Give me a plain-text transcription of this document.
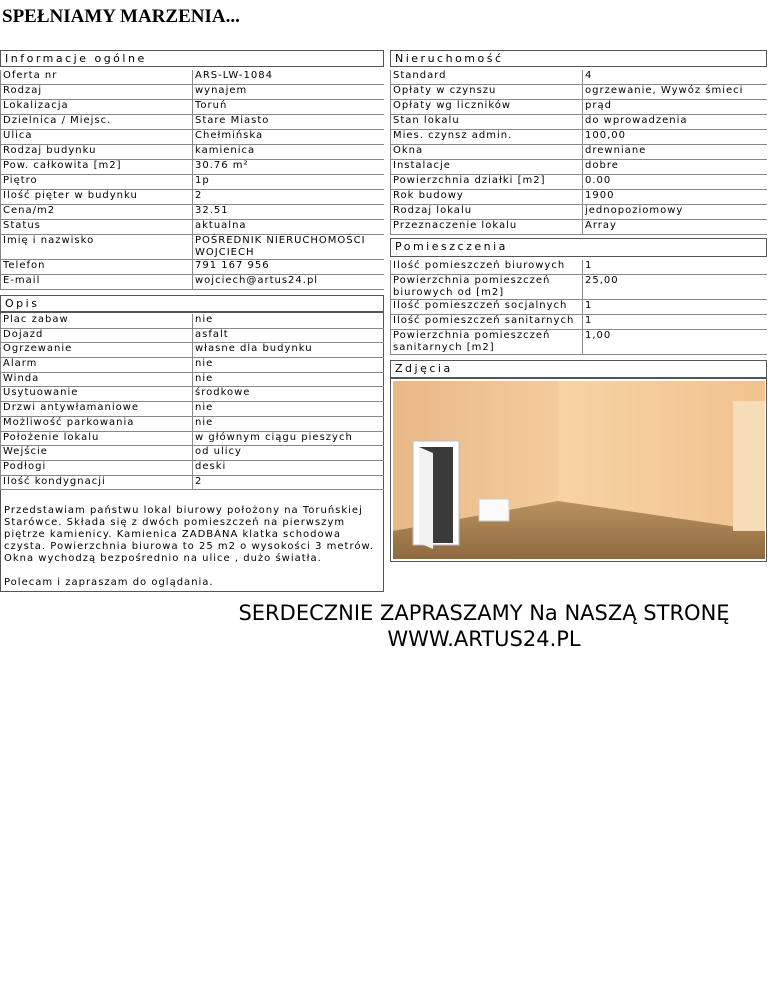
SPEŁNIAMY MARZENIA...
Informacje ogólne
Oferta nr	ARS-LW-1084
Rodzaj	wynajem
Lokalizacja	Toruń
Dzielnica / Miejsc.	Stare Miasto
Ulica	Chełmińska
Rodzaj budynku	kamienica
Pow. całkowita [m2]	30.76 m²
Piętro	1p
Ilość pięter w budynku	2
Cena/m2	32.51
Status	aktualna
Imię i nazwisko	POŚREDNIK NIERUCHOMOŚCI WOJCIECH
Telefon	791 167 956
E-mail	wojciech@artus24.pl
Opis
Plac zabaw	nie
Dojazd	asfalt
Ogrzewanie	własne dla budynku
Alarm	nie
Winda	nie
Usytuowanie	środkowe
Drzwi antywłamaniowe	nie
Możliwość parkowania	nie
Położenie lokalu	w głównym ciągu pieszych
Wejście	od ulicy
Podłogi	deski
Ilość kondygnacji	2

Przedstawiam państwu lokal biurowy położony na Toruńskiej Starówce. Składa się z dwóch pomieszczeń na pierwszym piętrze kamienicy. Kamienica ZADBANA klatka schodowa czysta. Powierzchnia biurowa to 25 m2 o wysokości 3 metrów. Okna wychodzą bezpośrednio na ulice , dużo światła.

Polecam i zapraszam do oglądania.

Nieruchomość
Standard	4
Opłaty w czynszu	ogrzewanie, Wywóz śmieci
Opłaty wg liczników	prąd
Stan lokalu	do wprowadzenia
Mies. czynsz admin.	100,00
Okna	drewniane
Instalacje	dobre
Powierzchnia działki [m2]	0.00
Rok budowy	1900
Rodzaj lokalu	jednopoziomowy
Przeznaczenie lokalu	Array
Pomieszczenia
Ilość pomieszczeń biurowych	1
Powierzchnia pomieszczeń biurowych od [m2]	25,00
Ilość pomieszczeń socjalnych	1
Ilość pomieszczeń sanitarnych	1
Powierzchnia pomieszczeń sanitarnych [m2]	1,00
Zdjęcia
SERDECZNIE ZAPRASZAMY Na NASZĄ STRONĘ
WWW.ARTUS24.PL
